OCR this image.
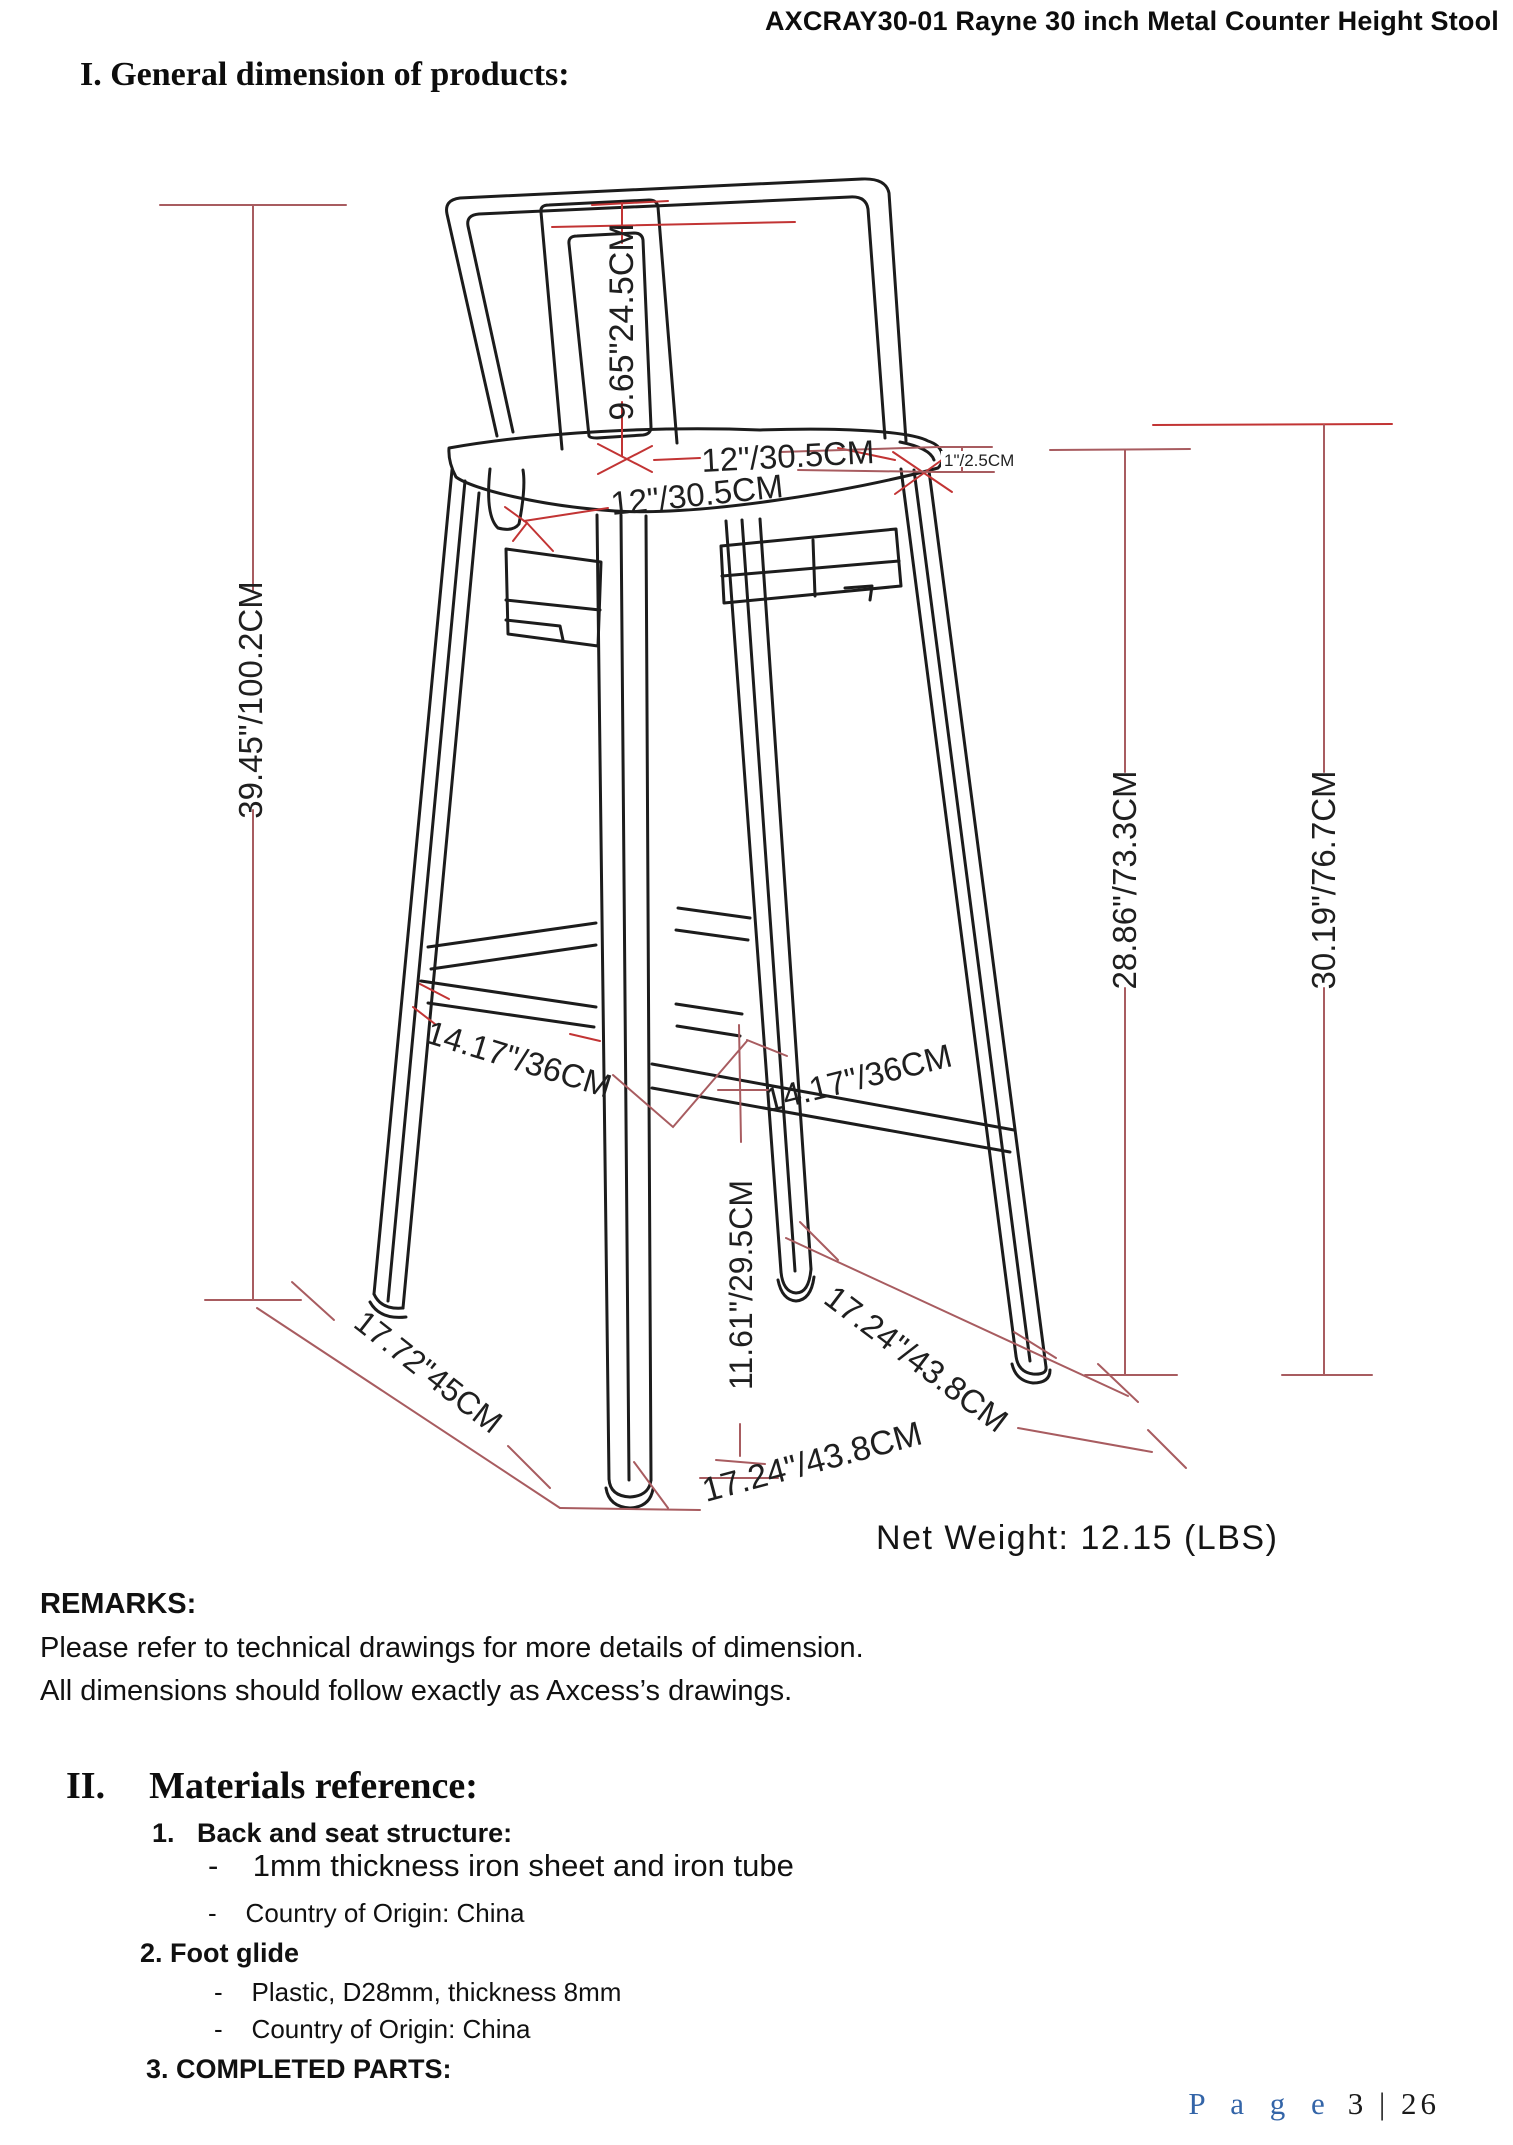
AXCRAY30-01 Rayne 30 inch Metal Counter Height Stool
I. General dimension of products:
39.45"/100.2CM
9.65"24.5CM
12"/30.5CM
12"/30.5CM
1"/2.5CM
14.17"/36CM	14.17"/36CM
11.61"/29.5CM 17.24"/43.8CM
17.72"45CM
17.24"/43.8CM
28.86"/73.3CM	30.19"/76.7CM
Net Weight: 12.15 (LBS)
REMARKS:
Please refer to technical drawings for more details of dimension.
All dimensions should follow exactly as Axcess’s drawings.
II. Materials reference:
1.   Back and seat structure:
-    1mm thickness iron sheet and iron tube
-    Country of Origin: China
2. Foot glide
-    Plastic, D28mm, thickness 8mm
-    Country of Origin: China
3. COMPLETED PARTS:
P a g e 3 | 26
